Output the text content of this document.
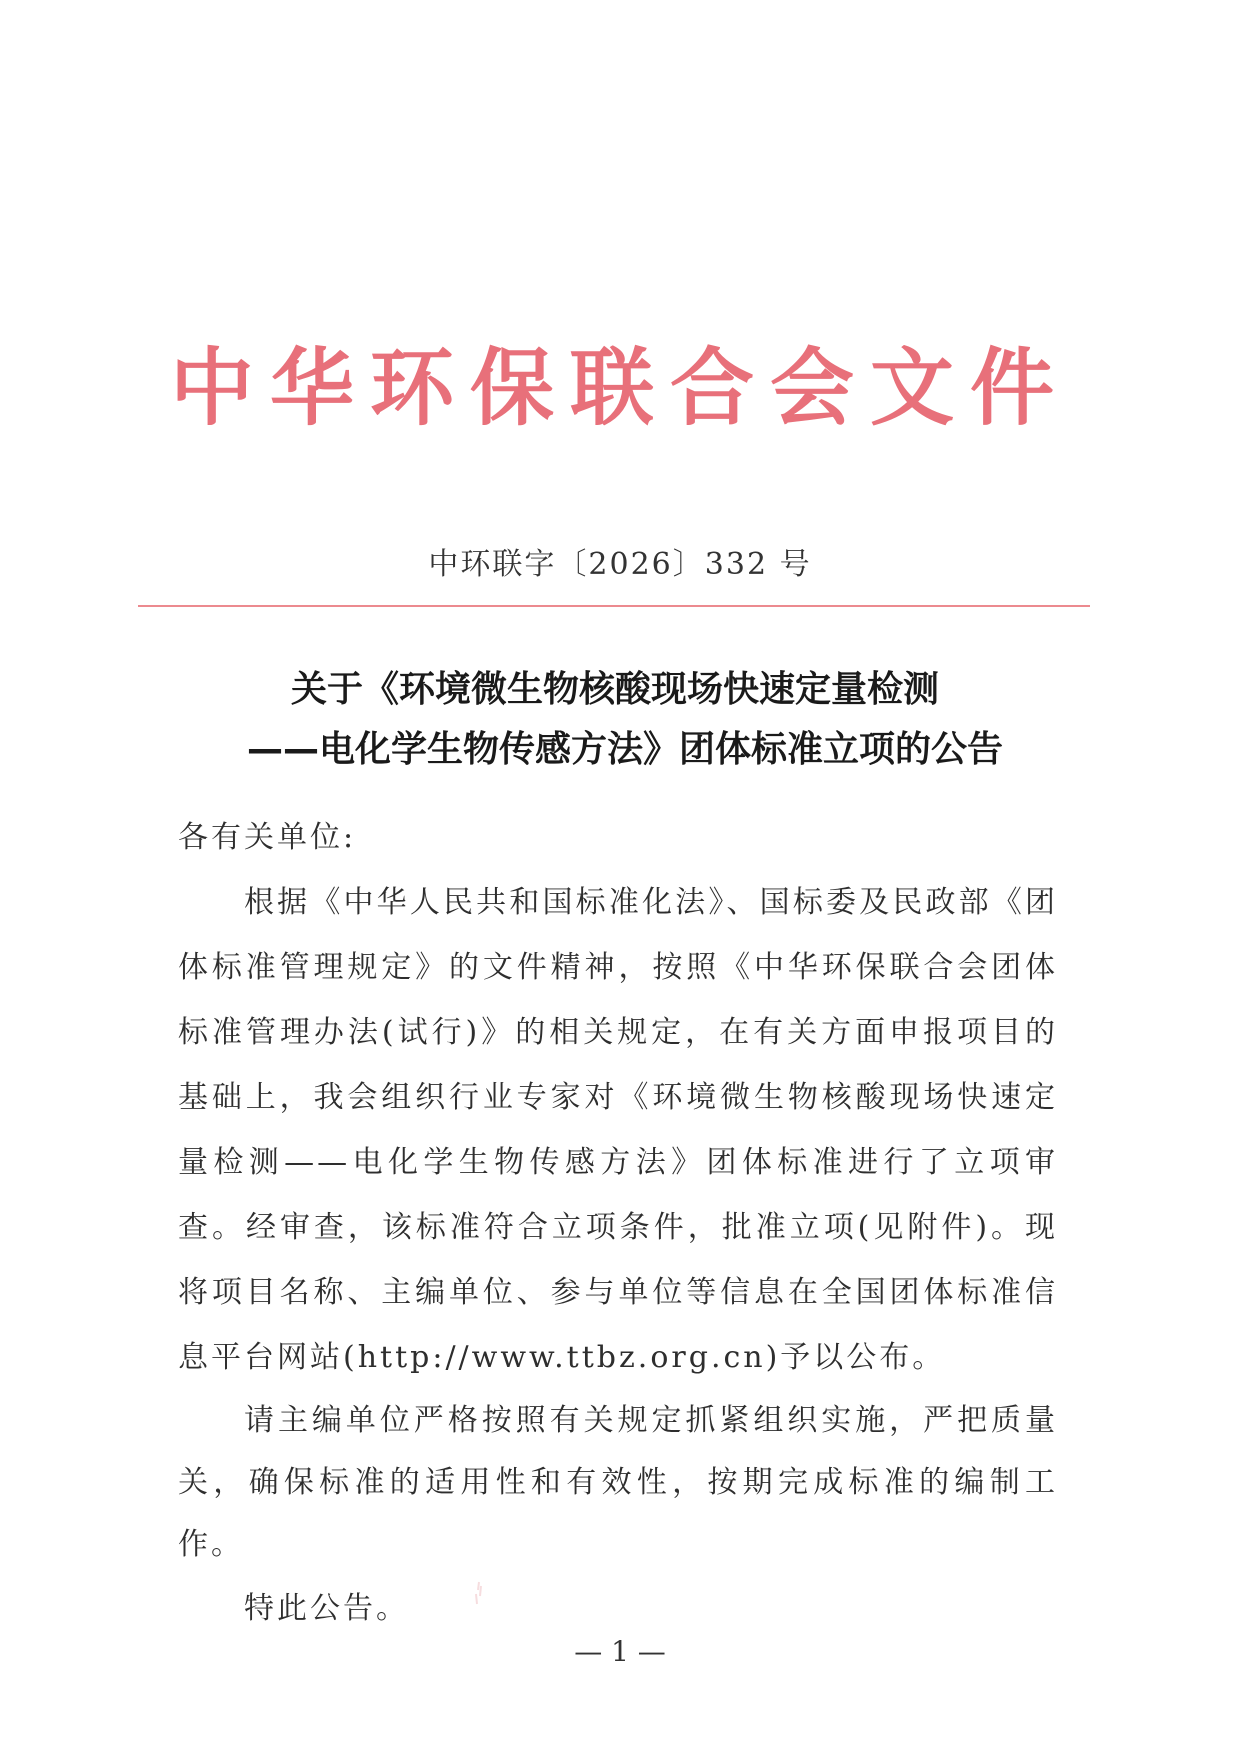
中华环保联合会文件
中环联字〔2026〕332 号
关于《环境微生物核酸现场快速定量检测
——电化学生物传感方法》团体标准立项的公告

各有关单位:

根据《中华人民共和国标准化法》、国标委及民政部《团体标准管理规定》的文件精神，按照《中华环保联合会团体标准管理办法(试行)》的相关规定，在有关方面申报项目的基础上，我会组织行业专家对《环境微生物核酸现场快速定量检测——电化学生物传感方法》团体标准进行了立项审查。经审查，该标准符合立项条件，批准立项(见附件)。现将项目名称、主编单位、参与单位等信息在全国团体标准信息平台网站(http://www.ttbz.org.cn)予以公布。

请主编单位严格按照有关规定抓紧组织实施，严把质量关，确保标准的适用性和有效性，按期完成标准的编制工作。

特此公告。

— 1 —
